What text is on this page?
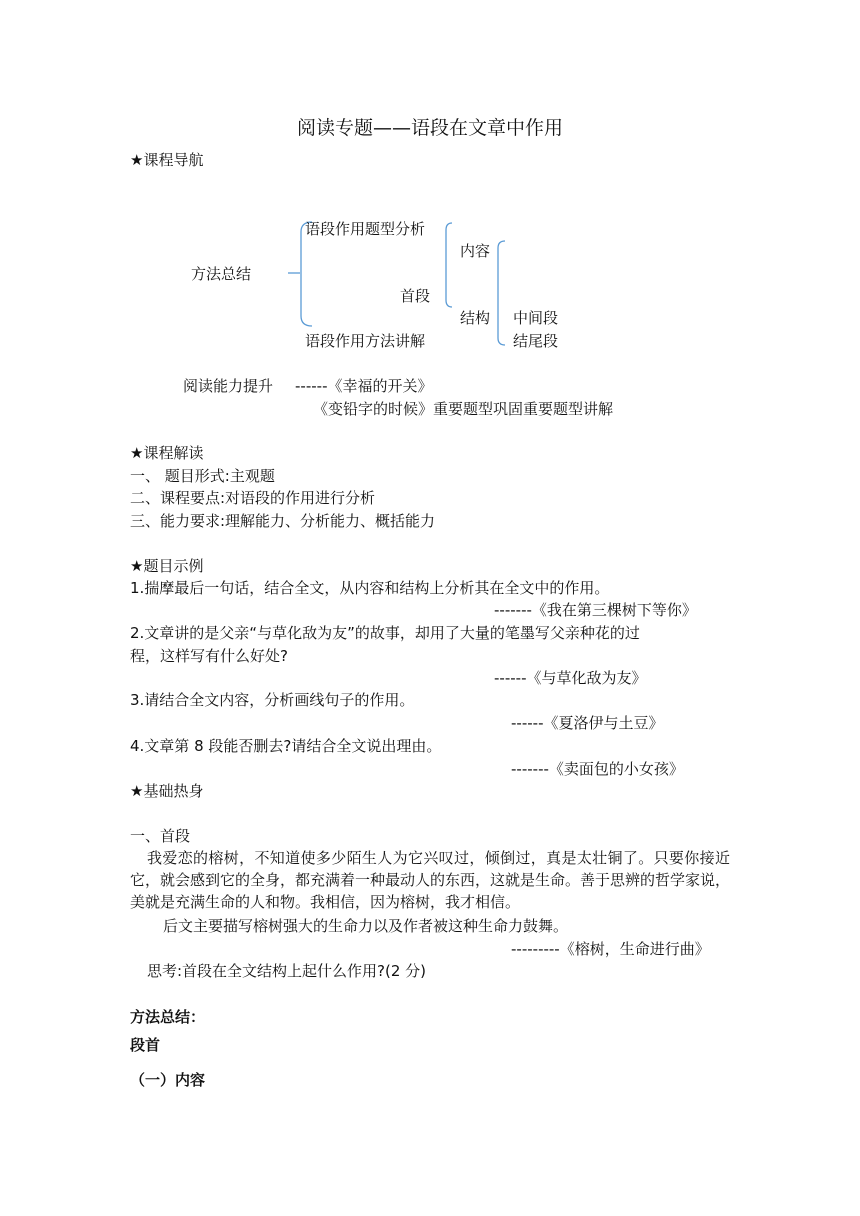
阅读专题——语段在文章中作用
★课程导航
语段作用题型分析
内容
方法总结
首段
结构 中间段
语段作用方法讲解	结尾段
阅读能力提升 ------《幸福的开关》
《变铅字的时候》重要题型巩固重要题型讲解
★课程解读
一、 题目形式:主观题
二、课程要点:对语段的作用进行分析
三、能力要求:理解能力、分析能力、概括能力
★题目示例
1.揣摩最后一句话，结合全文，从内容和结构上分析其在全文中的作用。
-------《我在第三棵树下等你》
2.文章讲的是父亲“与草化敌为友”的故事，却用了大量的笔墨写父亲种花的过
程，这样写有什么好处?
------《与草化敌为友》
3.请结合全文内容，分析画线句子的作用。
------《夏洛伊与土豆》
4.文章第 8 段能否删去?请结合全文说出理由。
-------《卖面包的小女孩》
★基础热身
一、首段
我爱恋的榕树，不知道使多少陌生人为它兴叹过，倾倒过，真是太壮铜了。只要你接近它，就会感到它的全身，都充满着一种最动人的东西，这就是生命。善于思辨的哲学家说，美就是充满生命的人和物。我相信，因为榕树，我才相信。
后文主要描写榕树强大的生命力以及作者被这种生命力鼓舞。
---------《榕树，生命进行曲》
思考:首段在全文结构上起什么作用?(2 分)
方法总结：
段首
（一）内容
